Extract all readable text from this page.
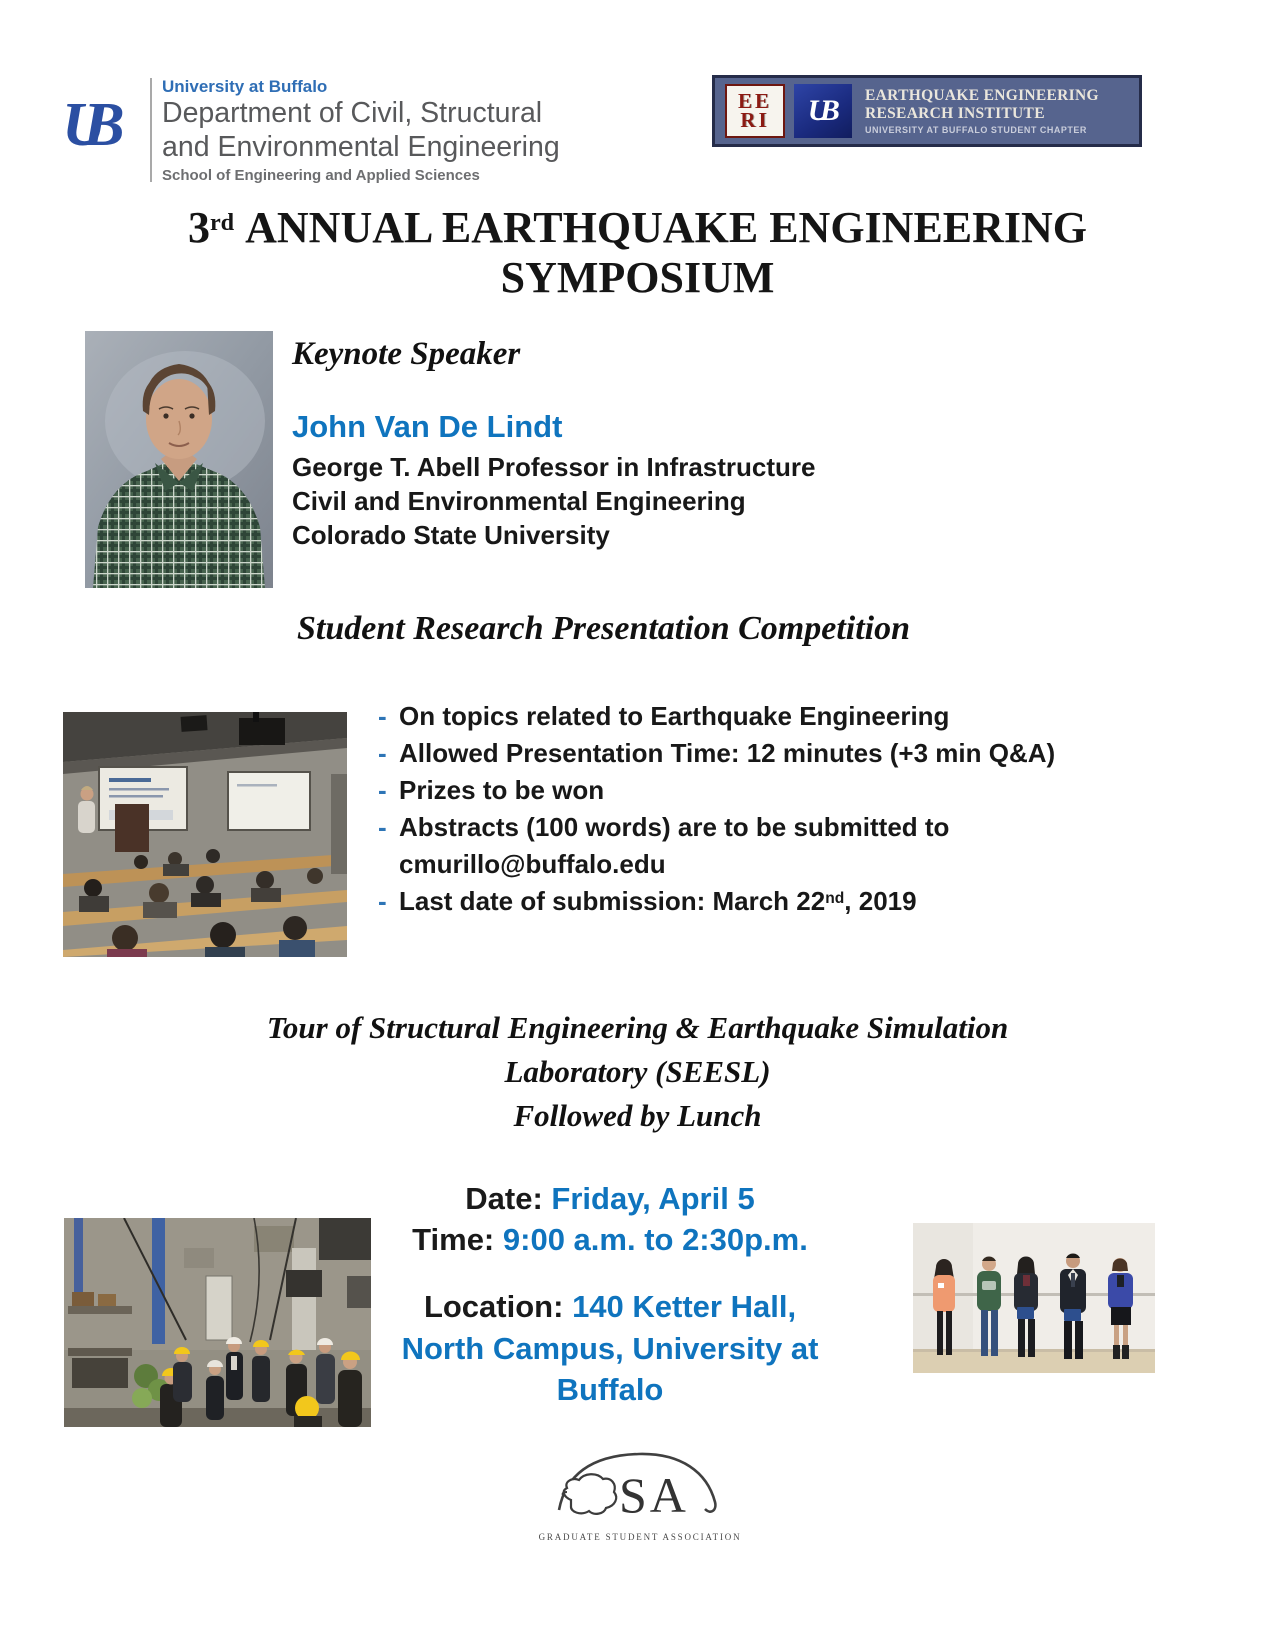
UB
University at Buffalo
Department of Civil, Structural
and Environmental Engineering
School of Engineering and Applied Sciences
EE
RI	UB	EARTHQUAKE ENGINEERING
RESEARCH INSTITUTE
UNIVERSITY AT BUFFALO STUDENT CHAPTER
3rd ANNUAL EARTHQUAKE ENGINEERING
SYMPOSIUM
Keynote Speaker
John Van De Lindt
George T. Abell Professor in Infrastructure
Civil and Environmental Engineering
Colorado State University
Student Research Presentation Competition
- On topics related to Earthquake Engineering
- Allowed Presentation Time: 12 minutes (+3 min Q&A)
- Prizes to be won
- Abstracts (100 words) are to be submitted to
cmurillo@buffalo.edu
- Last date of submission: March 22nd, 2019
Tour of Structural Engineering & Earthquake Simulation
Laboratory (SEESL)
Followed by Lunch
Date: Friday, April 5
Time: 9:00 a.m. to 2:30p.m.
Location: 140 Ketter Hall,
North Campus, University at
Buffalo
SA
GRADUATE STUDENT ASSOCIATION
